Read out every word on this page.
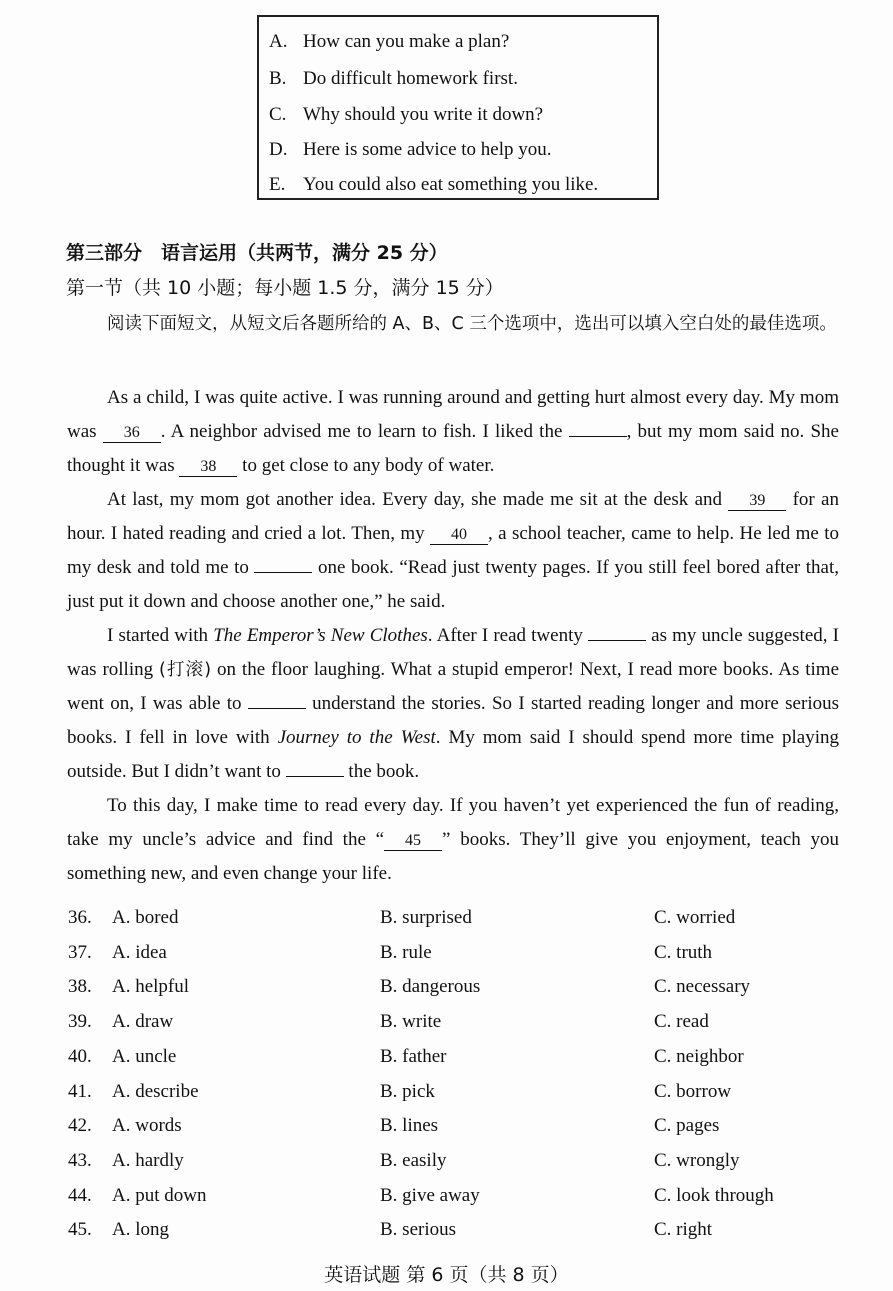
A. How can you make a plan?
B. Do difficult homework first.
C. Why should you write it down?
D. Here is some advice to help you.
E. You could also eat something you like.
第三部分　语言运用（共两节，满分 25 分）
第一节（共 10 小题；每小题 1.5 分，满分 15 分）
阅读下面短文，从短文后各题所给的 A、B、C 三个选项中，选出可以填入空白处的最佳选项。
As a child, I was quite active. I was running around and getting hurt almost every day. My mom was 36 . A neighbor advised me to learn to fish. I liked the	, but my mom said no. She thought it was 38 to get close to any body of water.
At last, my mom got another idea. Every day, she made me sit at the desk and 39 for an hour. I hated reading and cried a lot. Then, my 40 , a school teacher, came to help. He led me to my desk and told me to	one book. “Read just twenty pages. If you still feel bored after that, just put it down and choose another one,” he said.
I started with The Emperor’s New Clothes. After I read twenty	as my uncle suggested, I was rolling (打滚) on the floor laughing. What a stupid emperor! Next, I read more books. As time went on, I was able to	understand the stories. So I started reading longer and more serious books. I fell in love with Journey to the West. My mom said I should spend more time playing outside. But I didn’t want to	the book.
To this day, I make time to read every day. If you haven’t yet experienced the fun of reading, take my uncle’s advice and find the “ 45 ” books. They’ll give you enjoyment, teach you something new, and even change your life.
36. A. bored	B. surprised	C. worried
37. A. idea	B. rule	C. truth
38. A. helpful	B. dangerous	C. necessary
39. A. draw	B. write	C. read
40. A. uncle	B. father	C. neighbor
41. A. describe	B. pick	C. borrow
42. A. words	B. lines	C. pages
43. A. hardly	B. easily	C. wrongly
44. A. put down	B. give away	C. look through
45. A. long	B. serious	C. right
英语试题 第 6 页（共 8 页）
